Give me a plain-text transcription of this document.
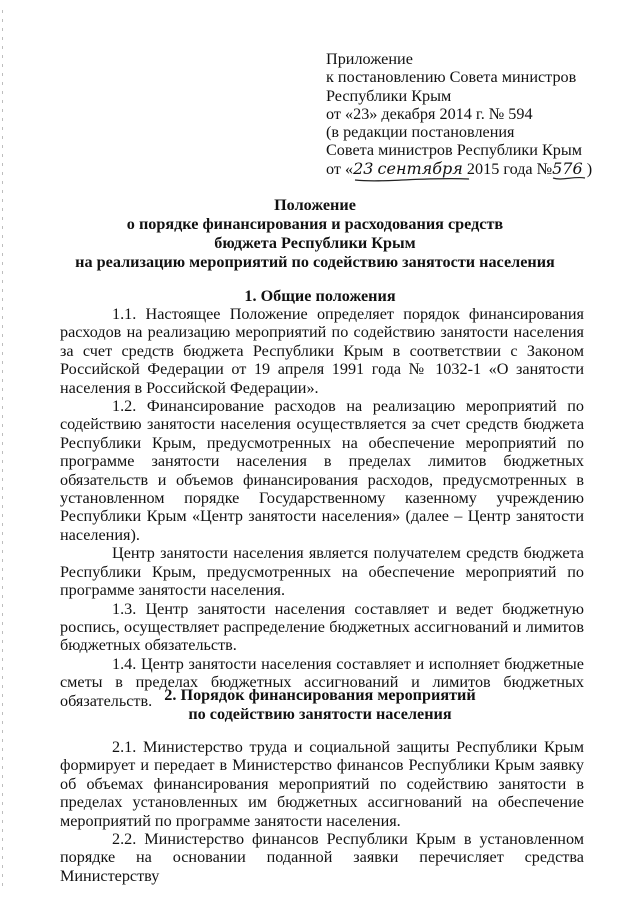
Приложение
к постановлению Совета министров
Республики Крым
от «23» декабря 2014 г. № 594
(в редакции постановления
Совета министров Республики Крым
от «23 сентября 2015 года №576 )
Положение
о порядке финансирования и расходования средств
бюджета Республики Крым
на реализацию мероприятий по содействию занятости населения
1. Общие положения

1.1. Настоящее Положение определяет порядок финансирования расходов на реализацию мероприятий по содействию занятости населения за счет средств бюджета Республики Крым в соответствии с Законом Российской Федерации от 19 апреля 1991 года № 1032-1 «О занятости населения в Российской Федерации».

1.2. Финансирование расходов на реализацию мероприятий по содействию занятости населения осуществляется за счет средств бюджета Республики Крым, предусмотренных на обеспечение мероприятий по программе занятости населения в пределах лимитов бюджетных обязательств и объемов финансирования расходов, предусмотренных в установленном порядке Государственному казенному учреждению Республики Крым «Центр занятости населения» (далее – Центр занятости населения).

Центр занятости населения является получателем средств бюджета Республики Крым, предусмотренных на обеспечение мероприятий по программе занятости населения.

1.3. Центр занятости населения составляет и ведет бюджетную роспись, осуществляет распределение бюджетных ассигнований и лимитов бюджетных обязательств.

1.4. Центр занятости населения составляет и исполняет бюджетные сметы в пределах бюджетных ассигнований и лимитов бюджетных обязательств. 2. Порядок финансирования мероприятий
по содействию занятости населения

2.1. Министерство труда и социальной защиты Республики Крым формирует и передает в Министерство финансов Республики Крым заявку об объемах финансирования мероприятий по содействию занятости в пределах установленных им бюджетных ассигнований на обеспечение мероприятий по программе занятости населения.

2.2. Министерство финансов Республики Крым в установленном порядке на основании поданной заявки перечисляет средства Министерству
